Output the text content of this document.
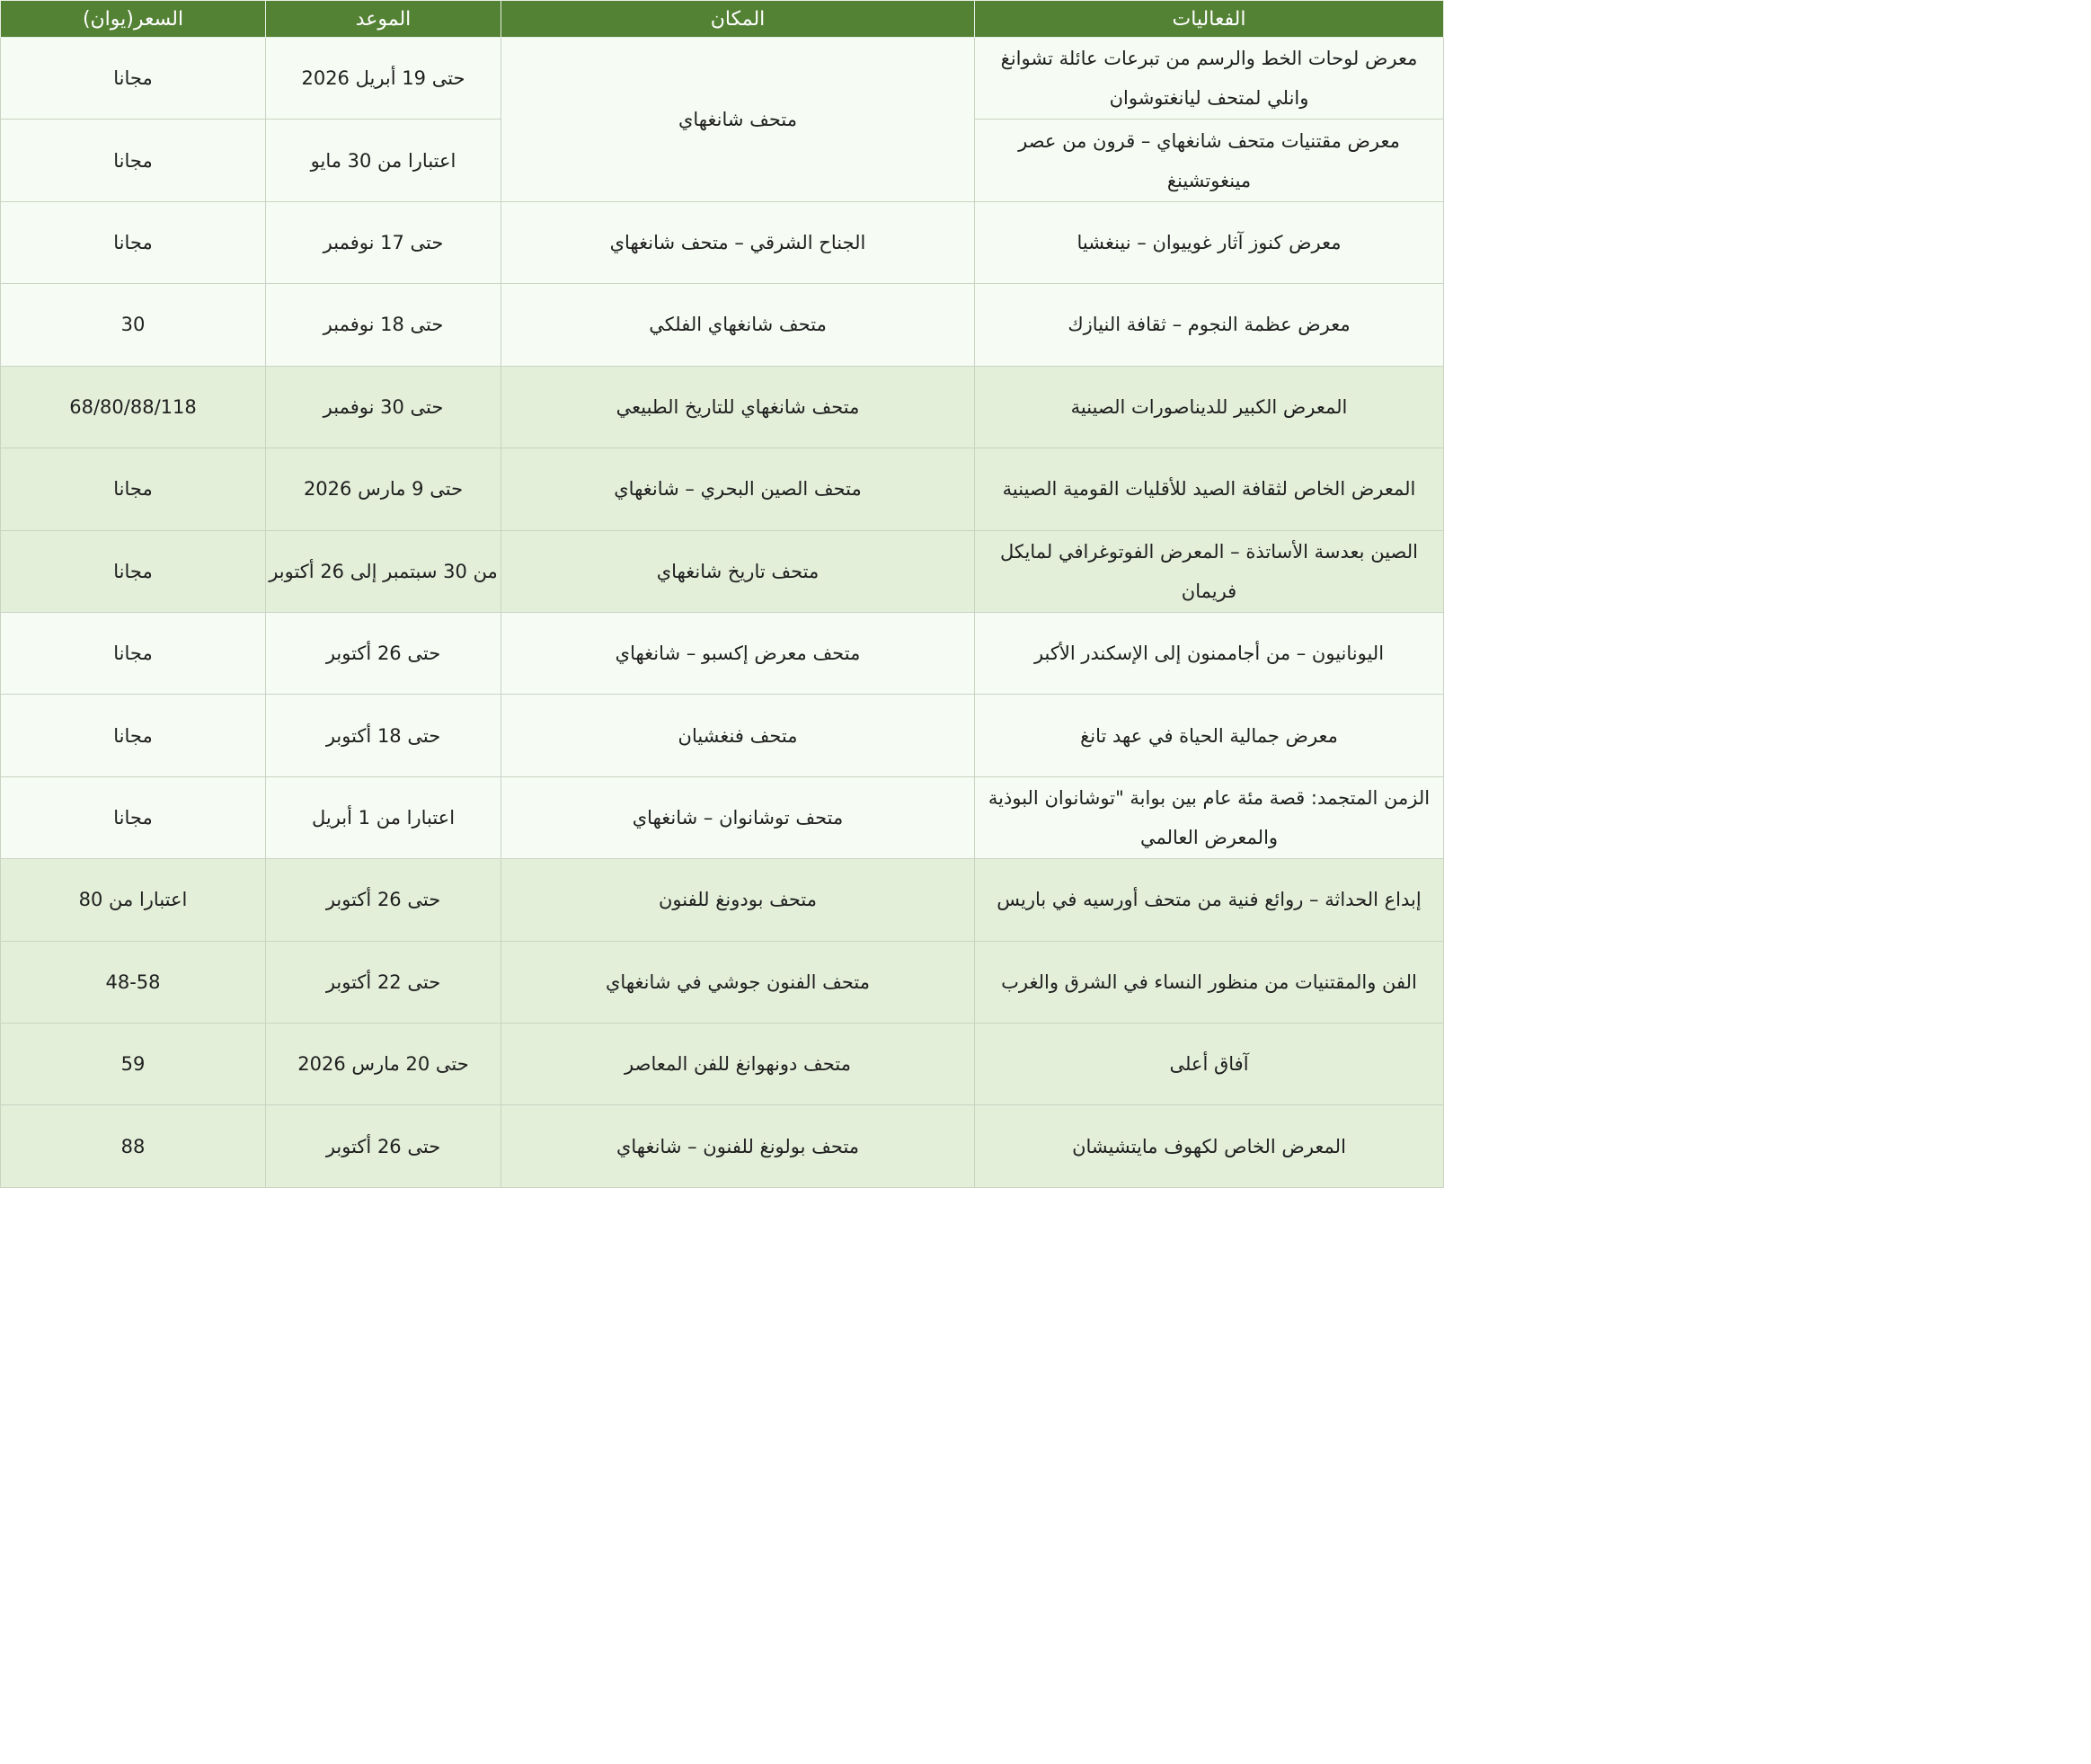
الفعاليات	المكان	الموعد	السعر(يوان)
معرض لوحات الخط والرسم من تبرعات عائلة تشوانغ وانلي لمتحف ليانغتوشوان	متحف شانغهاي	حتى 19 أبريل 2026	مجانا
معرض مقتنيات متحف شانغهاي – قرون من عصر مينغوتشينغ		اعتبارا من 30 مايو	مجانا
معرض كنوز آثار غوييوان – نينغشيا	الجناح الشرقي – متحف شانغهاي	حتى 17 نوفمبر	مجانا
معرض عظمة النجوم – ثقافة النيازك	متحف شانغهاي الفلكي	حتى 18 نوفمبر	30
المعرض الكبير للديناصورات الصينية	متحف شانغهاي للتاريخ الطبيعي	حتى 30 نوفمبر	68/80/88/118
المعرض الخاص لثقافة الصيد للأقليات القومية الصينية	متحف الصين البحري – شانغهاي	حتى 9 مارس 2026	مجانا
الصين بعدسة الأساتذة – المعرض الفوتوغرافي لمايكل فريمان	متحف تاريخ شانغهاي	من 30 سبتمبر إلى 26 أكتوبر	مجانا
اليونانيون – من أجاممنون إلى الإسكندر الأكبر	متحف معرض إكسبو – شانغهاي	حتى 26 أكتوبر	مجانا
معرض جمالية الحياة في عهد تانغ	متحف فنغشيان	حتى 18 أكتوبر	مجانا
الزمن المتجمد: قصة مئة عام بين بوابة "توشانوان البوذية والمعرض العالمي	متحف توشانوان – شانغهاي	اعتبارا من 1 أبريل	مجانا
إبداع الحداثة – روائع فنية من متحف أورسيه في باريس	متحف بودونغ للفنون	حتى 26 أكتوبر	اعتبارا من 80
الفن والمقتنيات من منظور النساء في الشرق والغرب	متحف الفنون جوشي في شانغهاي	حتى 22 أكتوبر	48-58
آفاق أعلى	متحف دونهوانغ للفن المعاصر	حتى 20 مارس 2026	59
المعرض الخاص لكهوف مايتشيشان	متحف بولونغ للفنون – شانغهاي	حتى 26 أكتوبر	88
